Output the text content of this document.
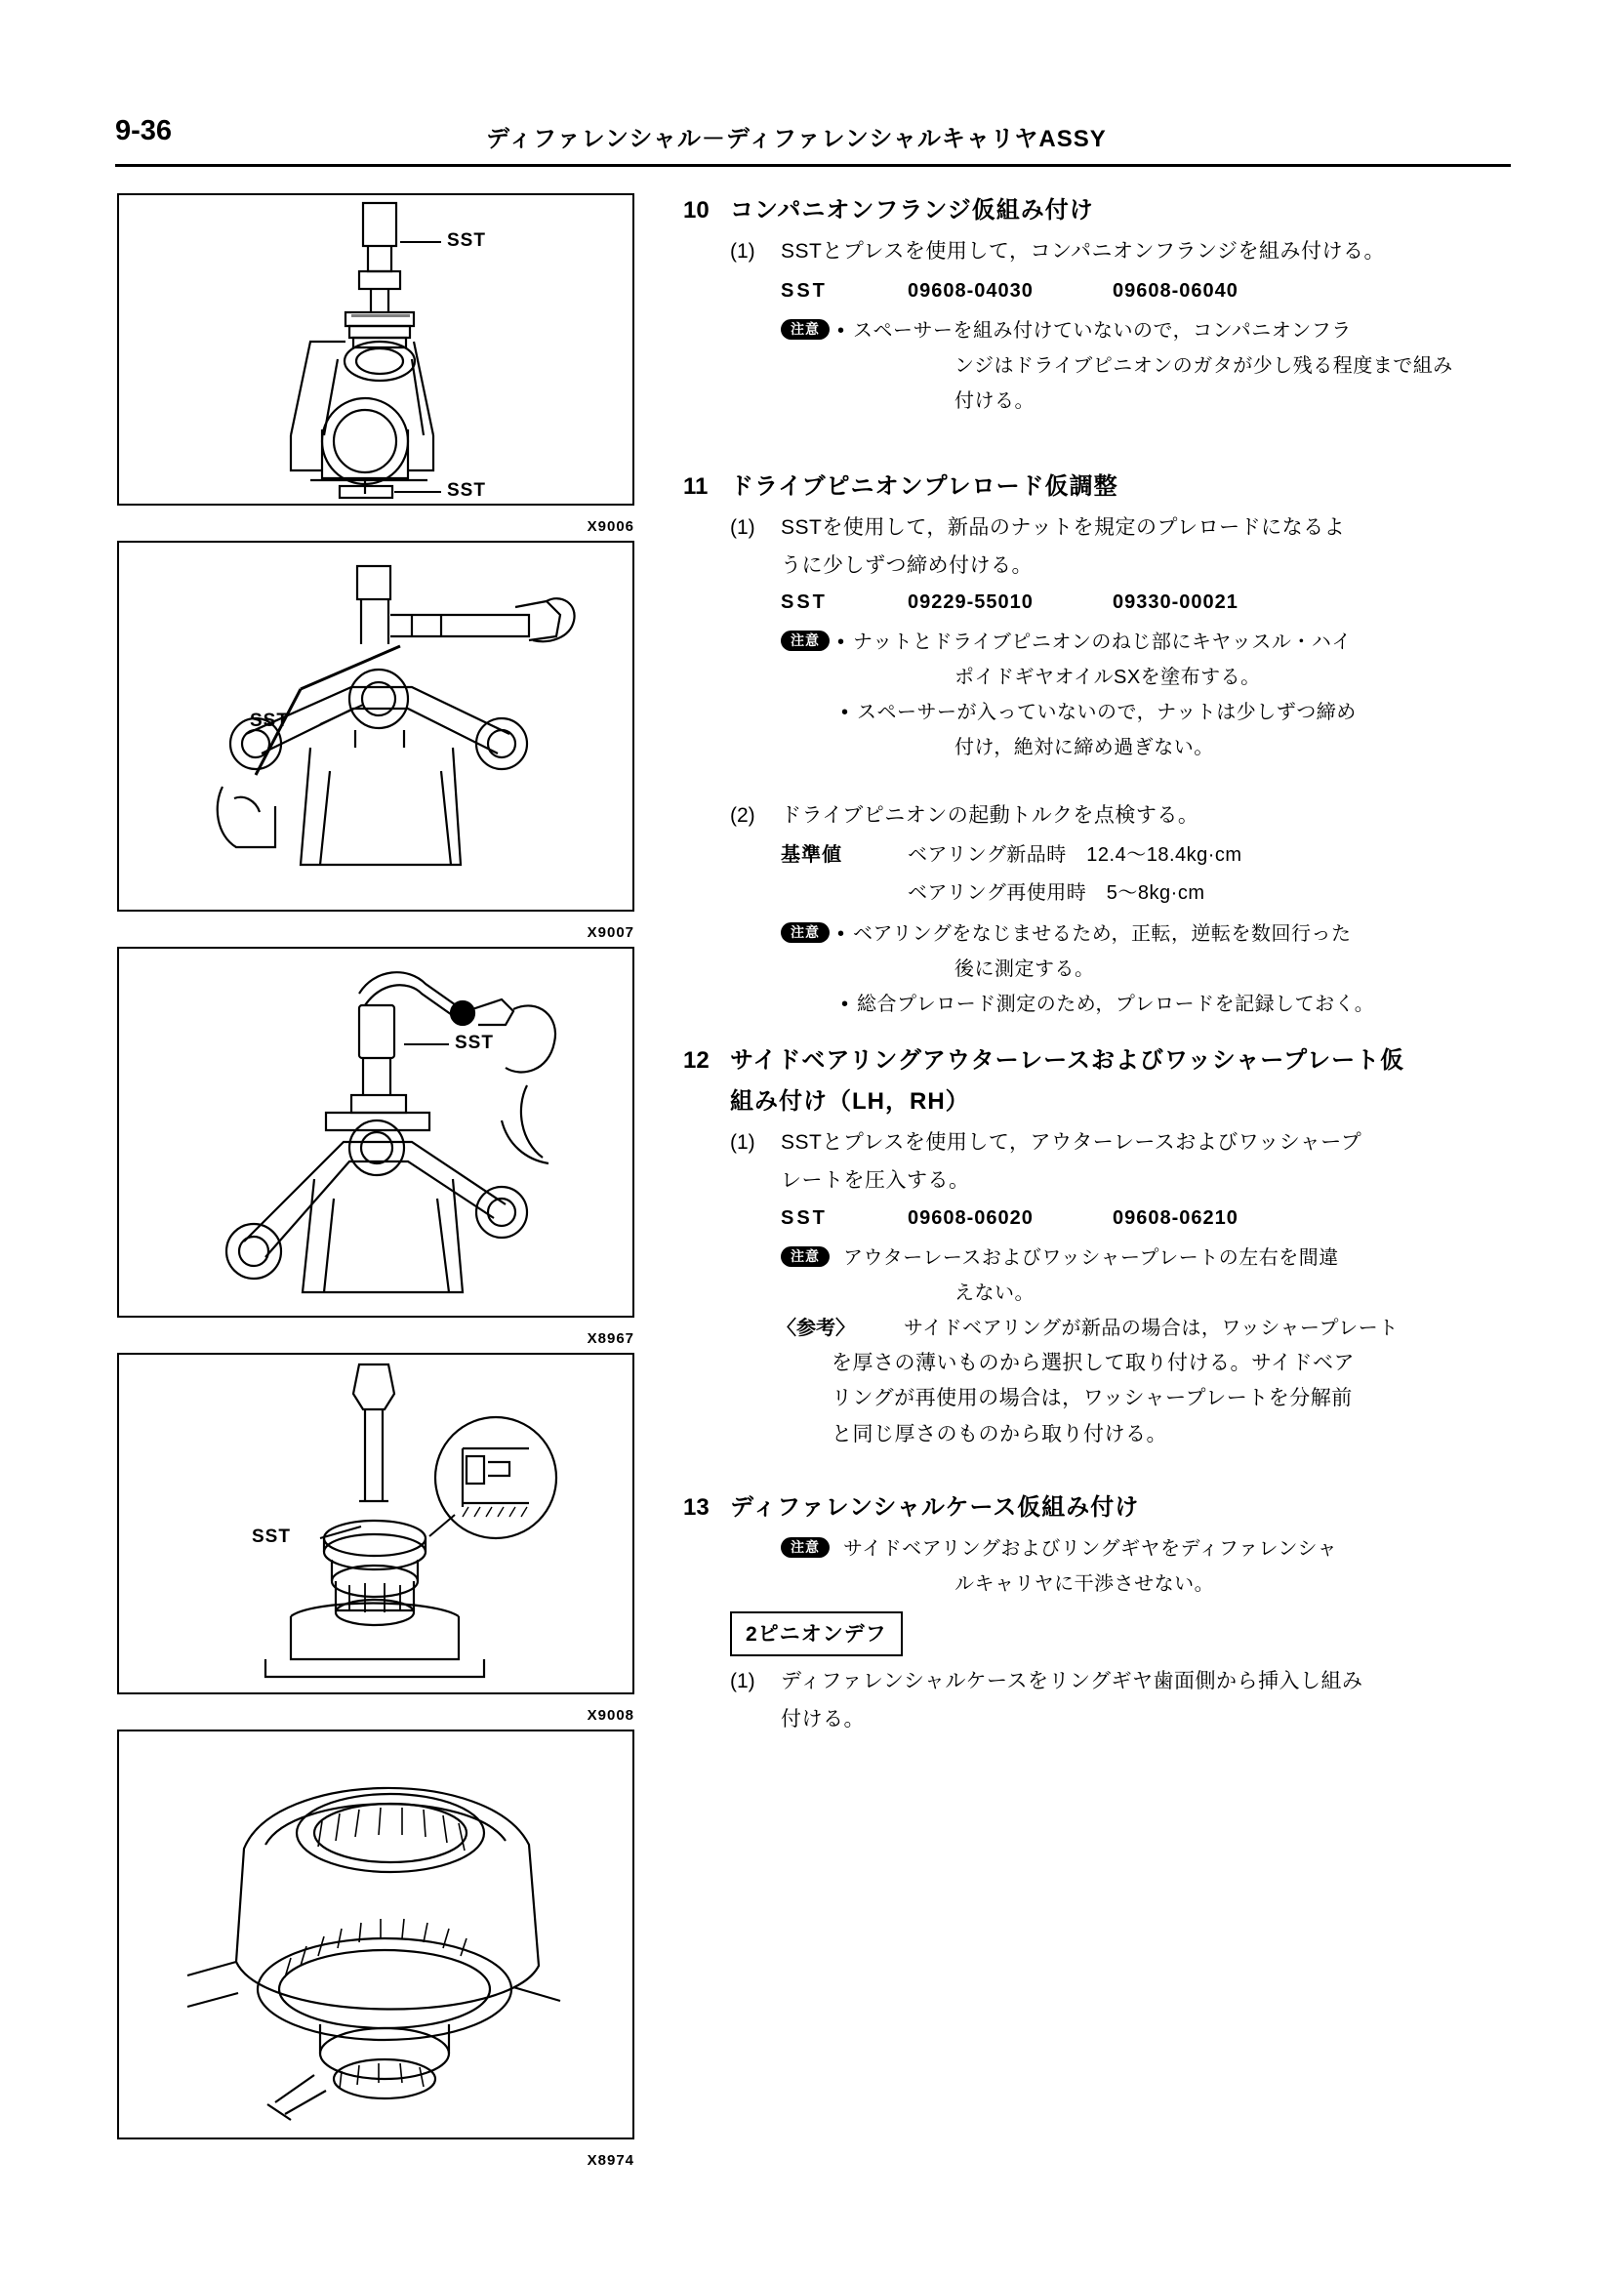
9-36	ディファレンシャル－ディファレンシャルキャリヤASSY
SST
SST
X9006
SST
X9007
SST
X8967
SST
X9008
X8974
10 コンパニオンフランジ仮組み付け
(1)	SSTとプレスを使用して，コンパニオンフランジを組み付ける。
SST	09608-04030	09608-06040
注意 • スペーサーを組み付けていないので，コンパニオンフラ
ンジはドライブピニオンのガタが少し残る程度まで組み
付ける。
11 ドライブピニオンプレロード仮調整
(1)	SSTを使用して，新品のナットを規定のプレロードになるよ
うに少しずつ締め付ける。
SST	09229-55010	09330-00021
注意 • ナットとドライブピニオンのねじ部にキヤッスル・ハイ
ポイドギヤオイルSXを塗布する。
• スペーサーが入っていないので，ナットは少しずつ締め
付け，絶対に締め過ぎない。
(2)	ドライブピニオンの起動トルクを点検する。
基準値	ベアリング新品時　12.4～18.4kg·cm
ベアリング再使用時　5～8kg·cm
注意 • ベアリングをなじませるため，正転，逆転を数回行った
後に測定する。
• 総合プレロード測定のため，プレロードを記録しておく。
12 サイドベアリングアウターレースおよびワッシャープレート仮
組み付け（LH，RH）
(1)	SSTとプレスを使用して，アウターレースおよびワッシャープ
レートを圧入する。
SST	09608-06020	09608-06210
注意	アウターレースおよびワッシャープレートの左右を間違
えない。
〈参考〉	サイドベアリングが新品の場合は，ワッシャープレート
を厚さの薄いものから選択して取り付ける。サイドベア
リングが再使用の場合は，ワッシャープレートを分解前
と同じ厚さのものから取り付ける。
13 ディファレンシャルケース仮組み付け
注意	サイドベアリングおよびリングギヤをディファレンシャ
ルキャリヤに干渉させない。
2ピニオンデフ
(1)	ディファレンシャルケースをリングギヤ歯面側から挿入し組み
付ける。
